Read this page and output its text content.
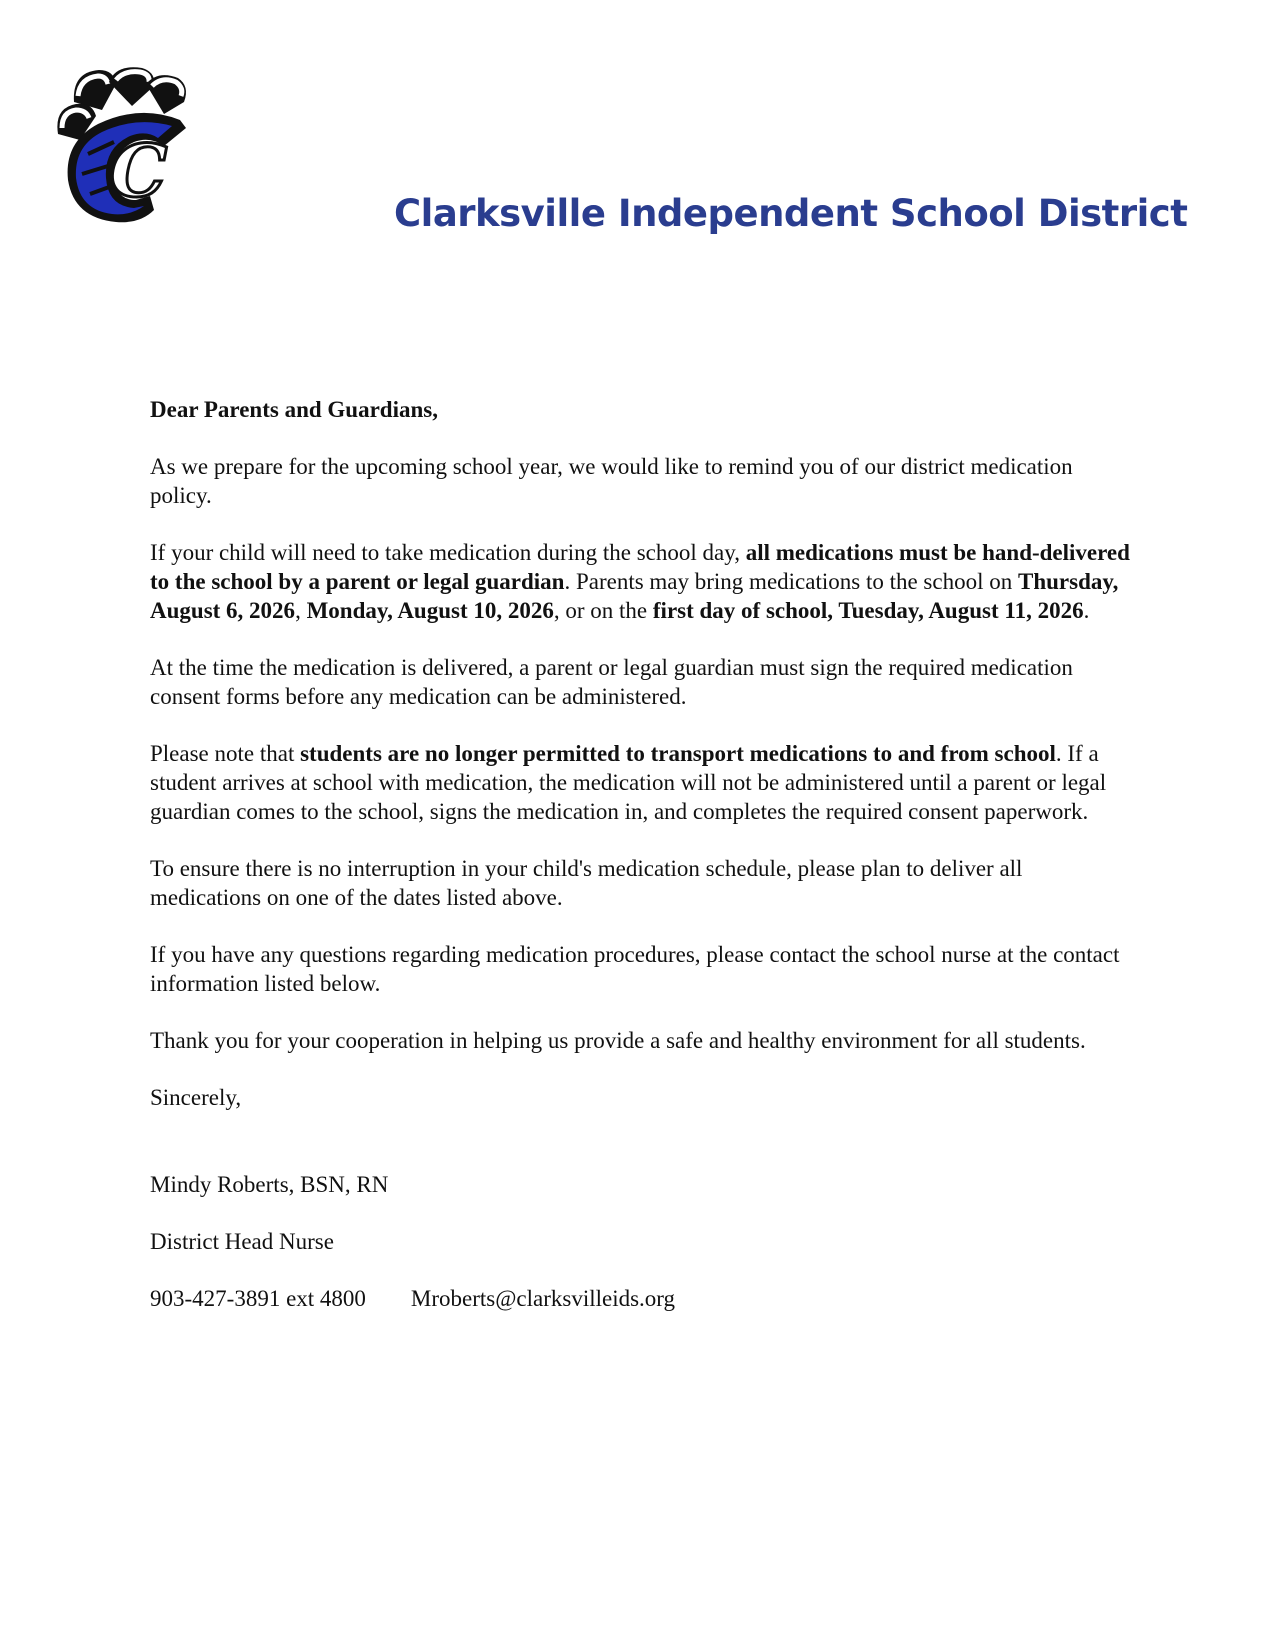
C
Clarksville Independent School District

Dear Parents and Guardians,

As we prepare for the upcoming school year, we would like to remind you of our district medication policy.

If your child will need to take medication during the school day, all medications must be hand-delivered to the school by a parent or legal guardian. Parents may bring medications to the school on Thursday, August 6, 2026, Monday, August 10, 2026, or on the first day of school, Tuesday, August 11, 2026.

At the time the medication is delivered, a parent or legal guardian must sign the required medication consent forms before any medication can be administered.

Please note that students are no longer permitted to transport medications to and from school. If a student arrives at school with medication, the medication will not be administered until a parent or legal guardian comes to the school, signs the medication in, and completes the required consent paperwork.

To ensure there is no interruption in your child's medication schedule, please plan to deliver all medications on one of the dates listed above.

If you have any questions regarding medication procedures, please contact the school nurse at the contact information listed below.

Thank you for your cooperation in helping us provide a safe and healthy environment for all students.

Sincerely,

Mindy Roberts, BSN, RN

District Head Nurse

903-427-3891 ext 4800 Mroberts@clarksvilleids.org
